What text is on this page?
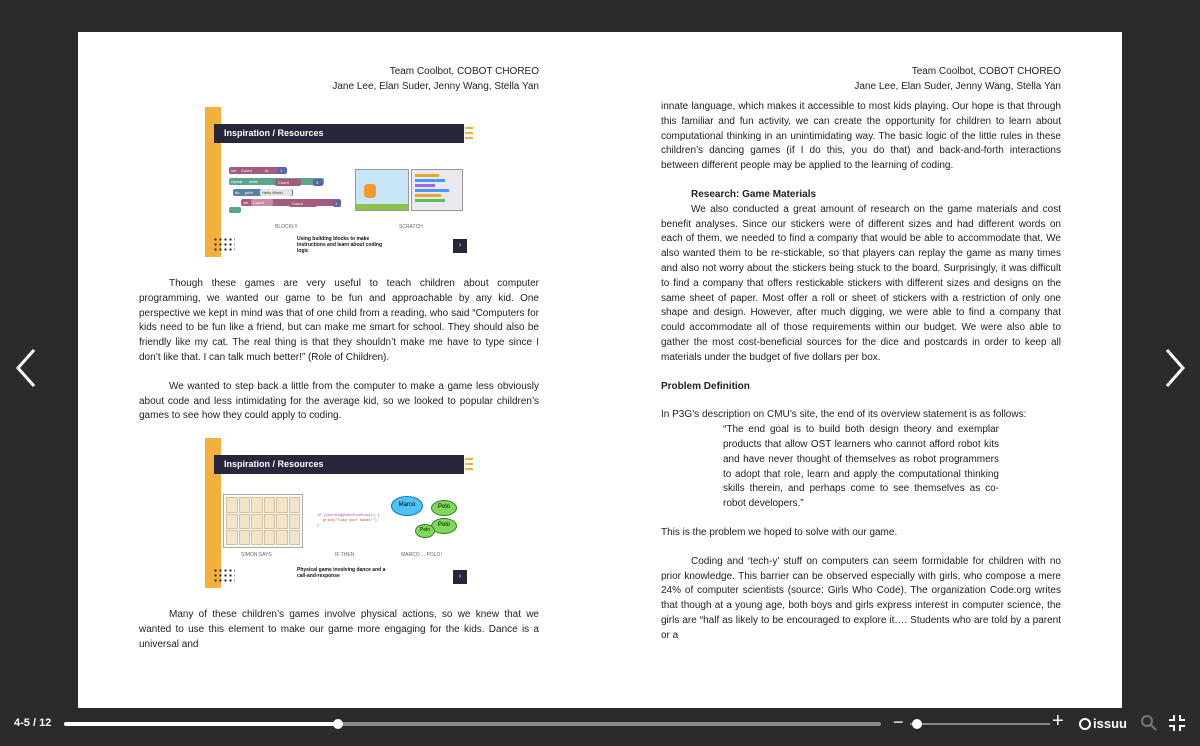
Team Coolbot, COBOT CHOREO
Jane Lee, Elan Suder, Jenny Wang, Stella Yan
Inspiration / Resources
set Count	to	1
repeat while	Count	3
do print Hello World
set Count	Count	1
BLOCKLY	SCRATCH
Using building blocks to make instructions and learn about coding logic
›

Though these games are very useful to teach children about computer programming, we wanted our game to be fun and approachable by any kid. One perspective we kept in mind was that of one child from a reading, who said “Computers for kids need to be fun like a friend, but can make me smart for school. They should also be friendly like my cat. The real thing is that they shouldn’t make me have to type since I don’t like that. I can talk much better!” (Role of Children).

We wanted to step back a little from the computer to make a game less obviously about code and less intimidating for the average kid, so we looked to popular children’s games to see how they could apply to coding.

Inspiration / Resources
if (youreHappyAndYouKnowIt) {
print("Clap your hands!")
}
Marco	Polo
Polo
Polo
SIMON SAYS	IF THEN	MARCO ... POLO!
Physical game involving dance and a call-and-response	›

Many of these children’s games involve physical actions, so we knew that we wanted to use this element to make our game more engaging for the kids. Dance is a universal and

Team Coolbot, COBOT CHOREO
Jane Lee, Elan Suder, Jenny Wang, Stella Yan

innate language, which makes it accessible to most kids playing. Our hope is that through this familiar and fun activity, we can create the opportunity for children to learn about computational thinking in an unintimidating way. The basic logic of the little rules in these children’s dancing games (if I do this, you do that) and back-and-forth interactions between different people may be applied to the learning of coding.

Research: Game Materials

We also conducted a great amount of research on the game materials and cost benefit analyses. Since our stickers were of different sizes and had different words on each of them, we needed to find a company that would be able to accommodate that. We also wanted them to be re-stickable, so that players can replay the game as many times and also not worry about the stickers being stuck to the board. Surprisingly, it was difficult to find a company that offers restickable stickers with different sizes and designs on the same sheet of paper. Most offer a roll or sheet of stickers with a restriction of only one shape and design. However, after much digging, we were able to find a company that could accommodate all of those requirements within our budget. We were also able to gather the most cost-beneficial sources for the dice and postcards in order to keep all materials under the budget of five dollars per box.

Problem Definition

In P3G’s description on CMU’s site, the end of its overview statement is as follows:

“The end goal is to build both design theory and exemplar products that allow OST learners who cannot afford robot kits and have never thought of themselves as robot programmers to adopt that role, learn and apply the computational thinking skills therein, and perhaps come to see themselves as co-robot developers.”

This is the problem we hoped to solve with our game.

Coding and ‘tech-y’ stuff on computers can seem formidable for children with no prior knowledge. This barrier can be observed especially with girls, who compose a mere 24% of computer scientists (source: Girls Who Code). The organization Code.org writes that though at a young age, both boys and girls express interest in computer science, the girls are “half as likely to be encouraged to explore it…. Students who are told by a parent or a

4-5 / 12	−	+ issuu
